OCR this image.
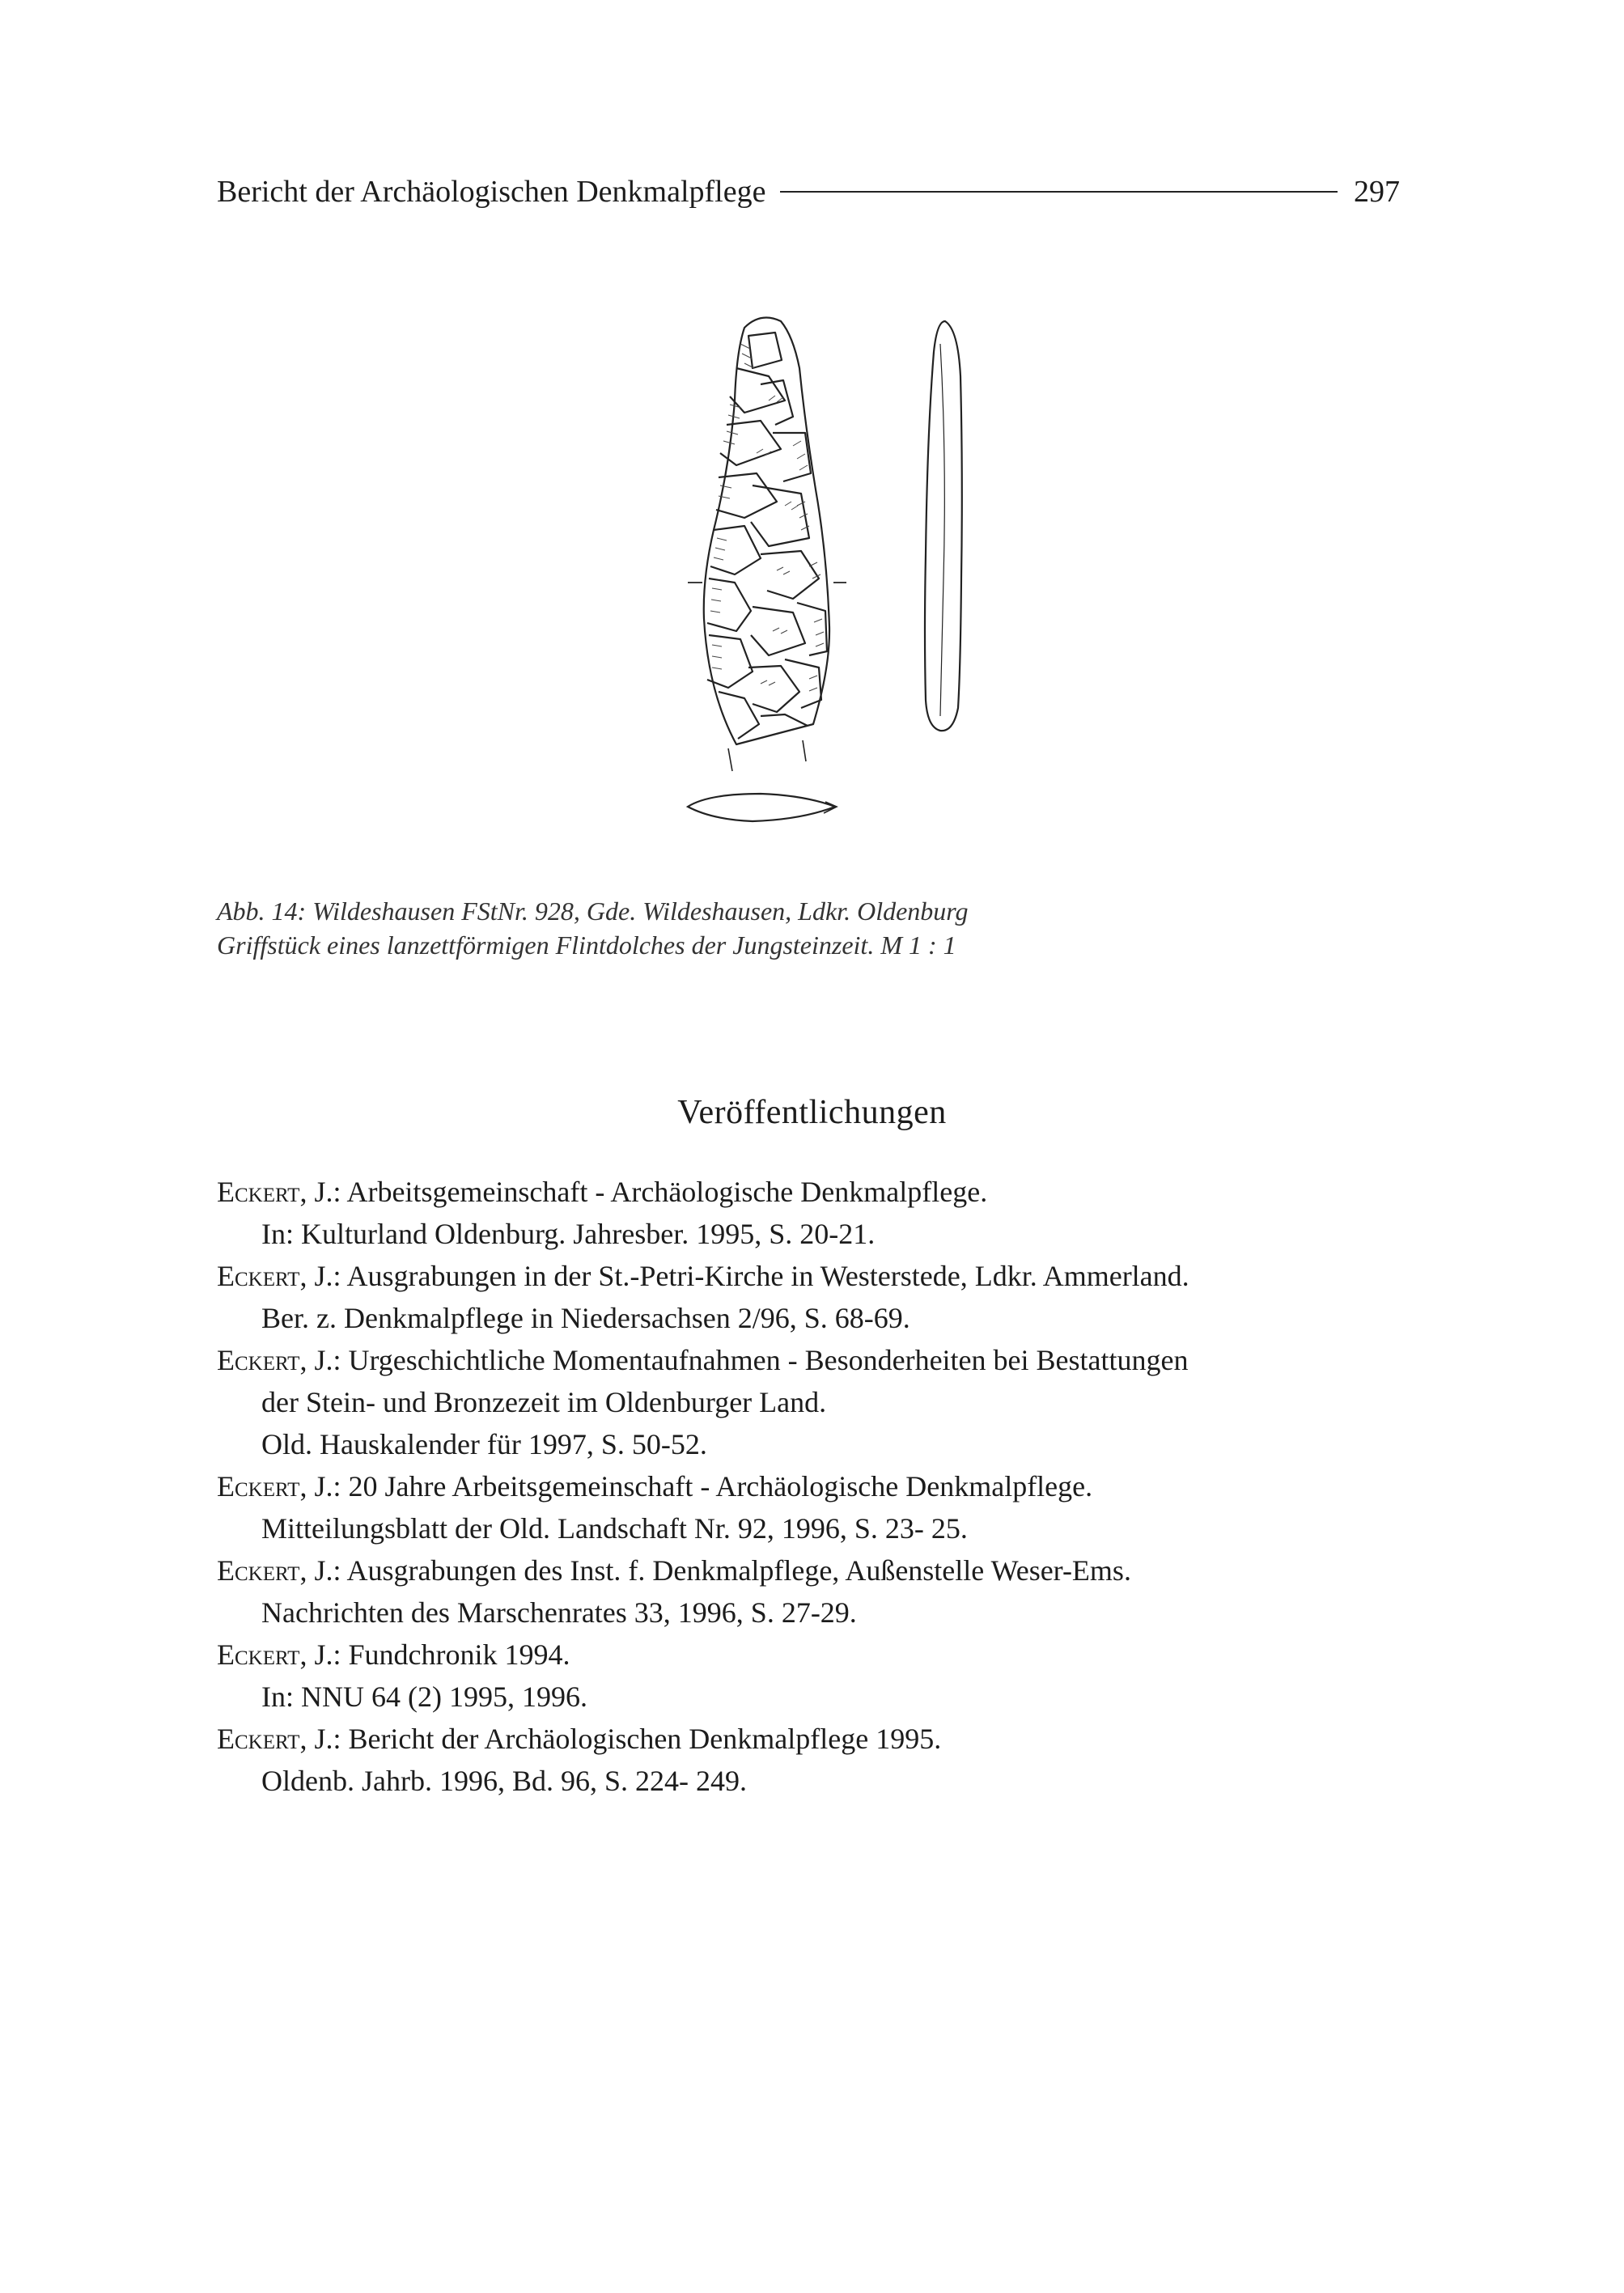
Bericht der Archäologischen Denkmalpflege	297
Abb. 14: Wildeshausen FStNr. 928, Gde. Wildeshausen, Ldkr. Oldenburg
Griffstück eines lanzettförmigen Flintdolches der Jungsteinzeit. M 1 : 1
Veröffentlichungen
Eckert, J.: Arbeitsgemeinschaft - Archäologische Denkmalpflege.
In: Kulturland Oldenburg. Jahresber. 1995, S. 20-21.
Eckert, J.: Ausgrabungen in der St.-Petri-Kirche in Westerstede, Ldkr. Ammerland.
Ber. z. Denkmalpflege in Niedersachsen 2/96, S. 68-69.
Eckert, J.: Urgeschichtliche Momentaufnahmen - Besonderheiten bei Bestattungen
der Stein- und Bronzezeit im Oldenburger Land.
Old. Hauskalender für 1997, S. 50-52.
Eckert, J.: 20 Jahre Arbeitsgemeinschaft - Archäologische Denkmalpflege.
Mitteilungsblatt der Old. Landschaft Nr. 92, 1996, S. 23- 25.
Eckert, J.: Ausgrabungen des Inst. f. Denkmalpflege, Außenstelle Weser-Ems.
Nachrichten des Marschenrates 33, 1996, S. 27-29.
Eckert, J.: Fundchronik 1994.
In: NNU 64 (2) 1995, 1996.
Eckert, J.: Bericht der Archäologischen Denkmalpflege 1995.
Oldenb. Jahrb. 1996, Bd. 96, S. 224- 249.
